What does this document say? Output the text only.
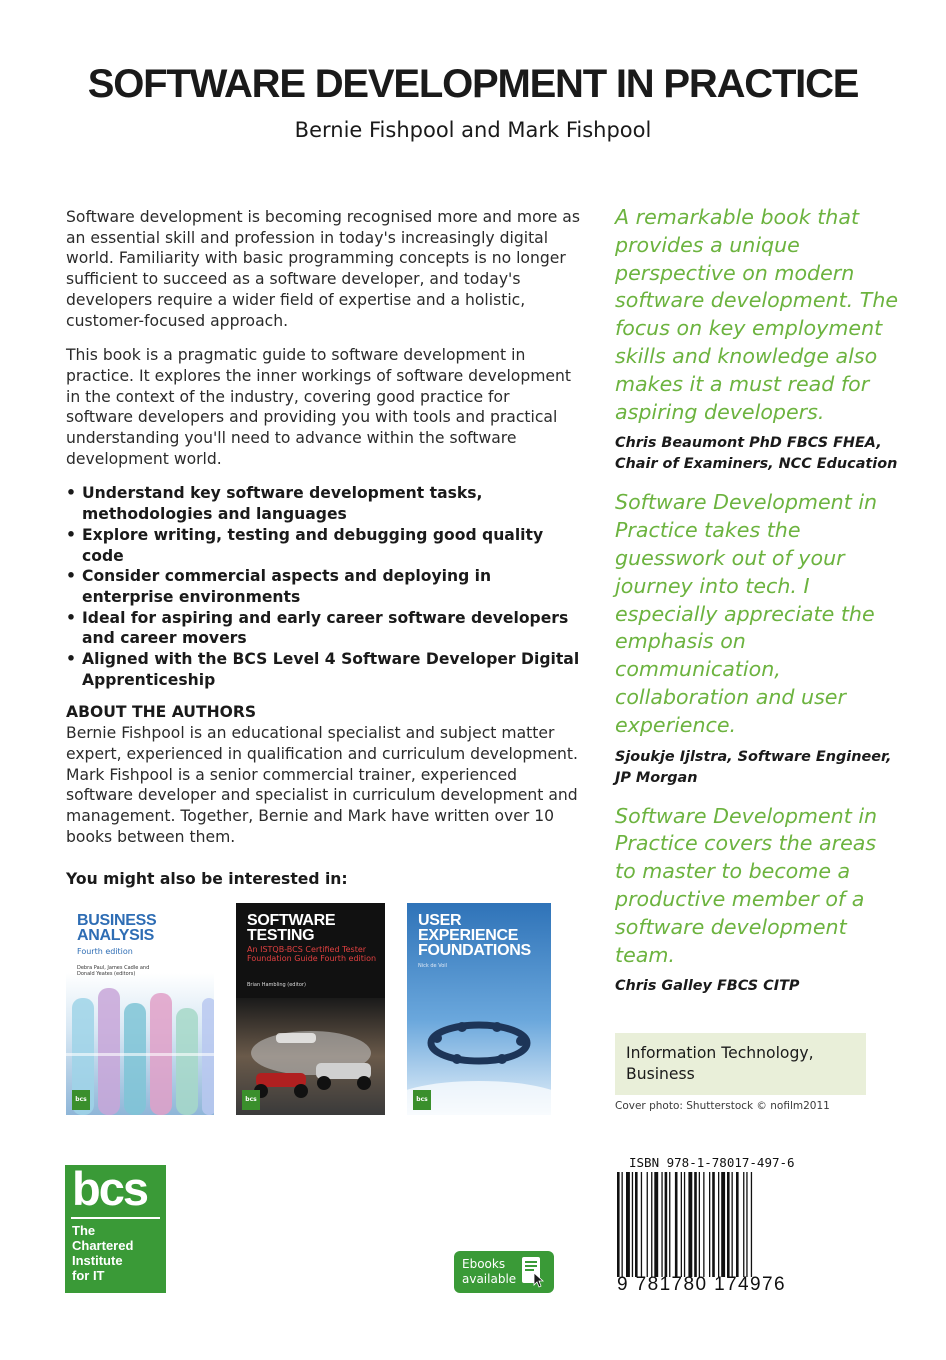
SOFTWARE DEVELOPMENT IN PRACTICE
Bernie Fishpool and Mark Fishpool

Software development is becoming recognised more and more as an essential skill and profession in today's increasingly digital world. Familiarity with basic programming concepts is no longer sufficient to succeed as a software developer, and today's developers require a wider field of expertise and a holistic, customer-focused approach.

This book is a pragmatic guide to software development in practice. It explores the inner workings of software development in the context of the industry, covering good practice for software developers and providing you with tools and practical understanding you'll need to advance within the software development world.

• Understand key software development tasks, methodologies and languages
• Explore writing, testing and debugging good quality code
• Consider commercial aspects and deploying in enterprise environments
• Ideal for aspiring and early career software developers and career movers
• Aligned with the BCS Level 4 Software Developer Digital Apprenticeship

ABOUT THE AUTHORS

Bernie Fishpool is an educational specialist and subject matter expert, experienced in qualification and curriculum development. Mark Fishpool is a senior commercial trainer, experienced software developer and specialist in curriculum development and management. Together, Bernie and Mark have written over 10 books between them.

You might also be interested in:
BUSINESS ANALYSIS
Fourth edition
Debra Paul, James Cadle and Donald Yeates (editors)
bcs
SOFTWARE TESTING
An ISTQB-BCS Certified Tester Foundation Guide Fourth edition
Brian Hambling (editor)
bcs
USER EXPERIENCE FOUNDATIONS
Nick de Voil
bcs

A remarkable book that provides a unique perspective on modern software development. The focus on key employment skills and knowledge also makes it a must read for aspiring developers.

Chris Beaumont PhD FBCS FHEA, Chair of Examiners, NCC Education

Software Development in Practice takes the guesswork out of your journey into tech. I especially appreciate the emphasis on communication, collaboration and user experience.

Sjoukje Ijlstra, Software Engineer, JP Morgan

Software Development in Practice covers the areas to master to become a productive member of a software development team.

Chris Galley FBCS CITP

Information Technology, Business
Cover photo: Shutterstock © nofilm2011
ISBN 978-1-78017-497-6
9 781780 174976
bcs
The
Chartered
Institute
for IT
Ebooks
available
